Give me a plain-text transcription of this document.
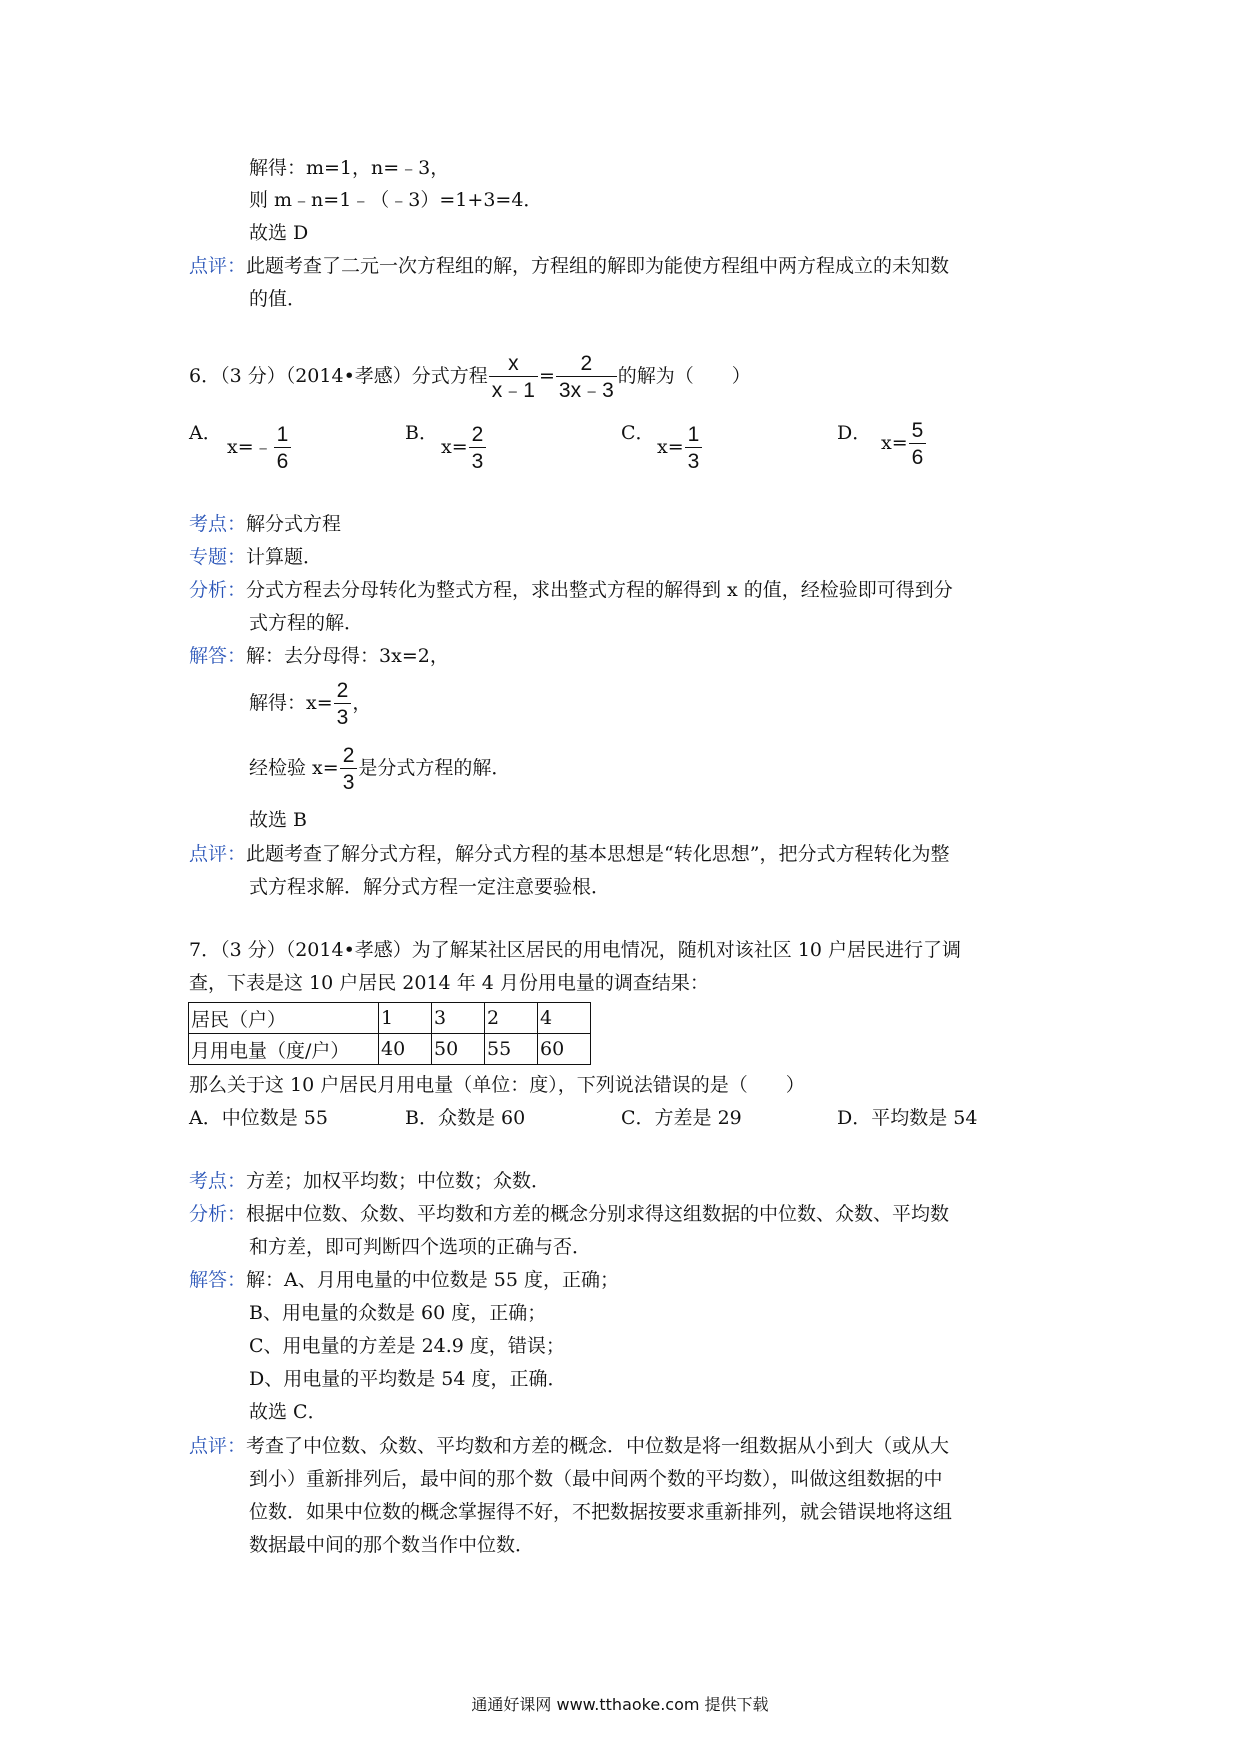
解得：m=1，n=﹣3，
则 m﹣n=1﹣（﹣3）=1+3=4．
故选 D
点评：此题考查了二元一次方程组的解，方程组的解即为能使方程组中两方程成立的未知数
的值．
6．（3 分）（2014•孝感）分式方程 $\frac{x}{x﹣1} = \frac{2}{3x﹣3}$ 的解为（　　）
A．
x=﹣ $\frac{1}{6}$	B．
$x= \frac{2}{3}$	C．
$x= \frac{1}{3}$	D． $x= \frac{5}{6}$
考点：解分式方程
专题：计算题．
分析：分式方程去分母转化为整式方程，求出整式方程的解得到 x 的值，经检验即可得到分
式方程的解．
解答：解：去分母得：3x=2，
解得：$x= \frac{2}{3}$ ，
经检验 $x= \frac{2}{3}$ 是分式方程的解．
故选 B
点评：此题考查了解分式方程，解分式方程的基本思想是“转化思想”，把分式方程转化为整
式方程求解．解分式方程一定注意要验根．
7．（3 分）（2014•孝感）为了解某社区居民的用电情况，随机对该社区 10 户居民进行了调
查，下表是这 10 户居民 2014 年 4 月份用电量的调查结果：
居民（户）	1	3	2	4
月用电量（度/户）	40	50	55	60
那么关于这 10 户居民月用电量（单位：度），下列说法错误的是（　　）
A．中位数是 55	B．众数是 60	C．方差是 29	D．平均数是 54
考点：方差；加权平均数；中位数；众数．
分析：根据中位数、众数、平均数和方差的概念分别求得这组数据的中位数、众数、平均数
和方差，即可判断四个选项的正确与否．
解答：解：A、月用电量的中位数是 55 度，正确；
B、用电量的众数是 60 度，正确；
C、用电量的方差是 24.9 度，错误；
D、用电量的平均数是 54 度，正确．
故选 C．
点评：考查了中位数、众数、平均数和方差的概念．中位数是将一组数据从小到大（或从大
到小）重新排列后，最中间的那个数（最中间两个数的平均数），叫做这组数据的中
位数．如果中位数的概念掌握得不好，不把数据按要求重新排列，就会错误地将这组
数据最中间的那个数当作中位数．
通通好课网 www.tthaoke.com 提供下载
